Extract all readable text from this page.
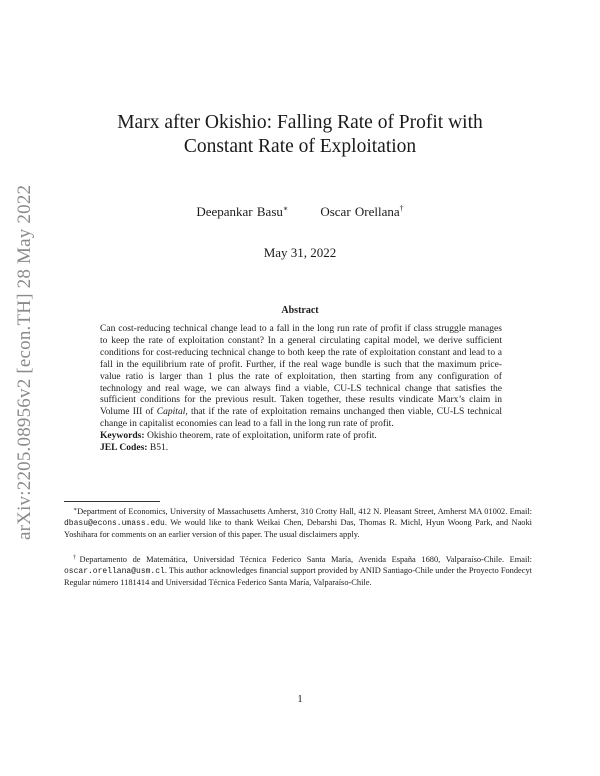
arXiv:2205.08956v2 [econ.TH] 28 May 2022
Marx after Okishio: Falling Rate of Profit with
Constant Rate of Exploitation
Deepankar Basu∗ Oscar Orellana†
May 31, 2022
Abstract

Can cost-reducing technical change lead to a fall in the long run rate of profit if class struggle manages to keep the rate of exploitation constant? In a general circulating capital model, we derive sufficient conditions for cost-reducing technical change to both keep the rate of exploitation constant and lead to a fall in the equilibrium rate of profit. Further, if the real wage bundle is such that the maximum price-value ratio is larger than 1 plus the rate of exploitation, then starting from any configuration of technology and real wage, we can always find a viable, CU-LS technical change that satisfies the sufficient conditions for the previous result. Taken together, these results vindicate Marx’s claim in Volume III of Capital, that if the rate of exploitation remains unchanged then viable, CU-LS technical change in capitalist economies can lead to a fall in the long run rate of profit.

Keywords: Okishio theorem, rate of exploitation, uniform rate of profit.

JEL Codes: B51.

∗Department of Economics, University of Massachusetts Amherst, 310 Crotty Hall, 412 N. Pleasant Street, Amherst MA 01002. Email: dbasu@econs.umass.edu. We would like to thank Weikai Chen, Debarshi Das, Thomas R. Michl, Hyun Woong Park, and Naoki Yoshihara for comments on an earlier version of this paper. The usual disclaimers apply.
†Departamento de Matemática, Universidad Técnica Federico Santa María, Avenida España 1680, Valparaíso-Chile. Email: oscar.orellana@usm.cl. This author acknowledges financial support provided by ANID Santiago-Chile under the Proyecto Fondecyt Regular número 1181414 and Universidad Técnica Federico Santa María, Valparaíso-Chile.
1
